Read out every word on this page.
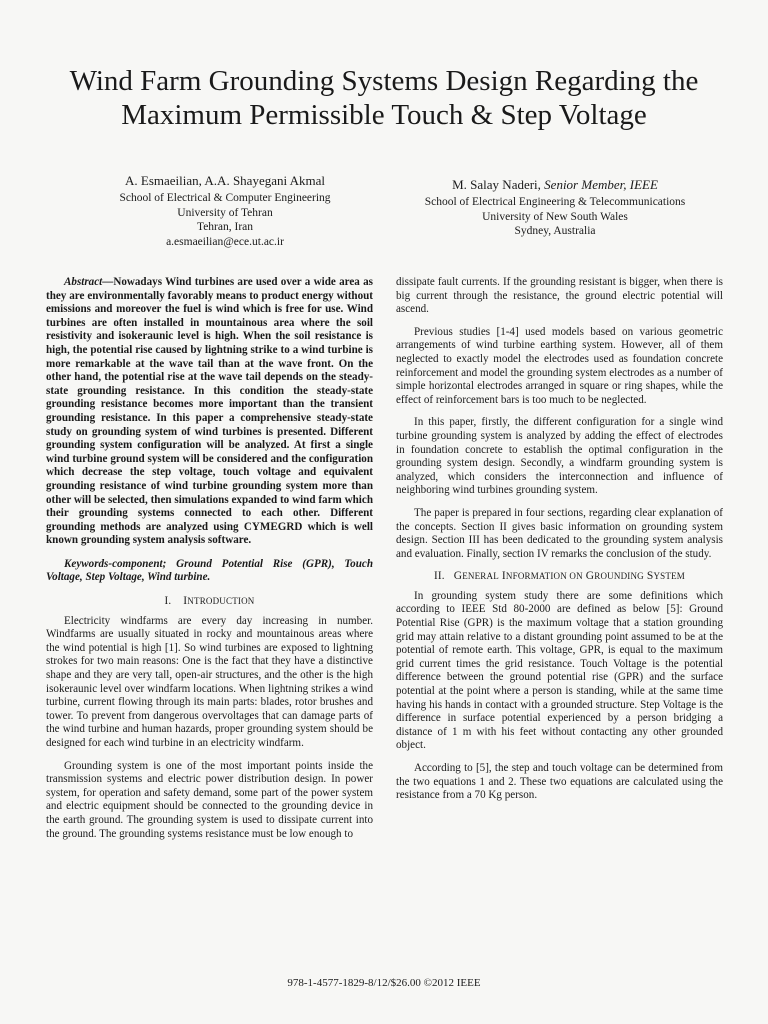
Wind Farm Grounding Systems Design Regarding the
Maximum Permissible Touch & Step Voltage
A. Esmaeilian, A.A. Shayegani Akmal
School of Electrical & Computer Engineering
University of Tehran
Tehran, Iran
a.esmaeilian@ece.ut.ac.ir
M. Salay Naderi, Senior Member, IEEE
School of Electrical Engineering & Telecommunications
University of New South Wales
Sydney, Australia

Abstract—Nowadays Wind turbines are used over a wide area as they are environmentally favorably means to product energy without emissions and moreover the fuel is wind which is free for use. Wind turbines are often installed in mountainous area where the soil resistivity and isokeraunic level is high. When the soil resistance is high, the potential rise caused by lightning strike to a wind turbine is more remarkable at the wave tail than at the wave front. On the other hand, the potential rise at the wave tail depends on the steady-state grounding resistance. In this condition the steady-state grounding resistance becomes more important than the transient grounding resistance. In this paper a comprehensive steady-state study on grounding system of wind turbines is presented. Different grounding system configuration will be analyzed. At first a single wind turbine ground system will be considered and the configuration which decrease the step voltage, touch voltage and equivalent grounding resistance of wind turbine grounding system more than other will be selected, then simulations expanded to wind farm which their grounding systems connected to each other. Different grounding methods are analyzed using CYMEGRD which is well known grounding system analysis software.

Keywords-component; Ground Potential Rise (GPR), Touch Voltage, Step Voltage, Wind turbine.

I. INTRODUCTION

Electricity windfarms are every day increasing in number. Windfarms are usually situated in rocky and mountainous areas where the wind potential is high [1]. So wind turbines are exposed to lightning strokes for two main reasons: One is the fact that they have a distinctive shape and they are very tall, open-air structures, and the other is the high isokeraunic level over windfarm locations. When lightning strikes a wind turbine, current flowing through its main parts: blades, rotor brushes and tower. To prevent from dangerous overvoltages that can damage parts of the wind turbine and human hazards, proper grounding system should be designed for each wind turbine in an electricity windfarm.

Grounding system is one of the most important points inside the transmission systems and electric power distribution design. In power system, for operation and safety demand, some part of the power system and electric equipment should be connected to the grounding device in the earth ground. The grounding system is used to dissipate current into the ground. The grounding systems resistance must be low enough to

dissipate fault currents. If the grounding resistant is bigger, when there is big current through the resistance, the ground electric potential will ascend.

Previous studies [1-4] used models based on various geometric arrangements of wind turbine earthing system. However, all of them neglected to exactly model the electrodes used as foundation concrete reinforcement and model the grounding system electrodes as a number of simple horizontal electrodes arranged in square or ring shapes, while the effect of reinforcement bars is too much to be neglected.

In this paper, firstly, the different configuration for a single wind turbine grounding system is analyzed by adding the effect of electrodes in foundation concrete to establish the optimal configuration in the grounding system design. Secondly, a windfarm grounding system is analyzed, which considers the interconnection and influence of neighboring wind turbines grounding system.

The paper is prepared in four sections, regarding clear explanation of the concepts. Section II gives basic information on grounding system design. Section III has been dedicated to the grounding system analysis and evaluation. Finally, section IV remarks the conclusion of the study.

II. GENERAL INFORMATION ON GROUNDING SYSTEM

In grounding system study there are some definitions which according to IEEE Std 80-2000 are defined as below [5]: Ground Potential Rise (GPR) is the maximum voltage that a station grounding grid may attain relative to a distant grounding point assumed to be at the potential of remote earth. This voltage, GPR, is equal to the maximum grid current times the grid resistance. Touch Voltage is the potential difference between the ground potential rise (GPR) and the surface potential at the point where a person is standing, while at the same time having his hands in contact with a grounded structure. Step Voltage is the difference in surface potential experienced by a person bridging a distance of 1 m with his feet without contacting any other grounded object.

According to [5], the step and touch voltage can be determined from the two equations 1 and 2. These two equations are calculated using the resistance from a 70 Kg person.

978-1-4577-1829-8/12/$26.00 ©2012 IEEE
